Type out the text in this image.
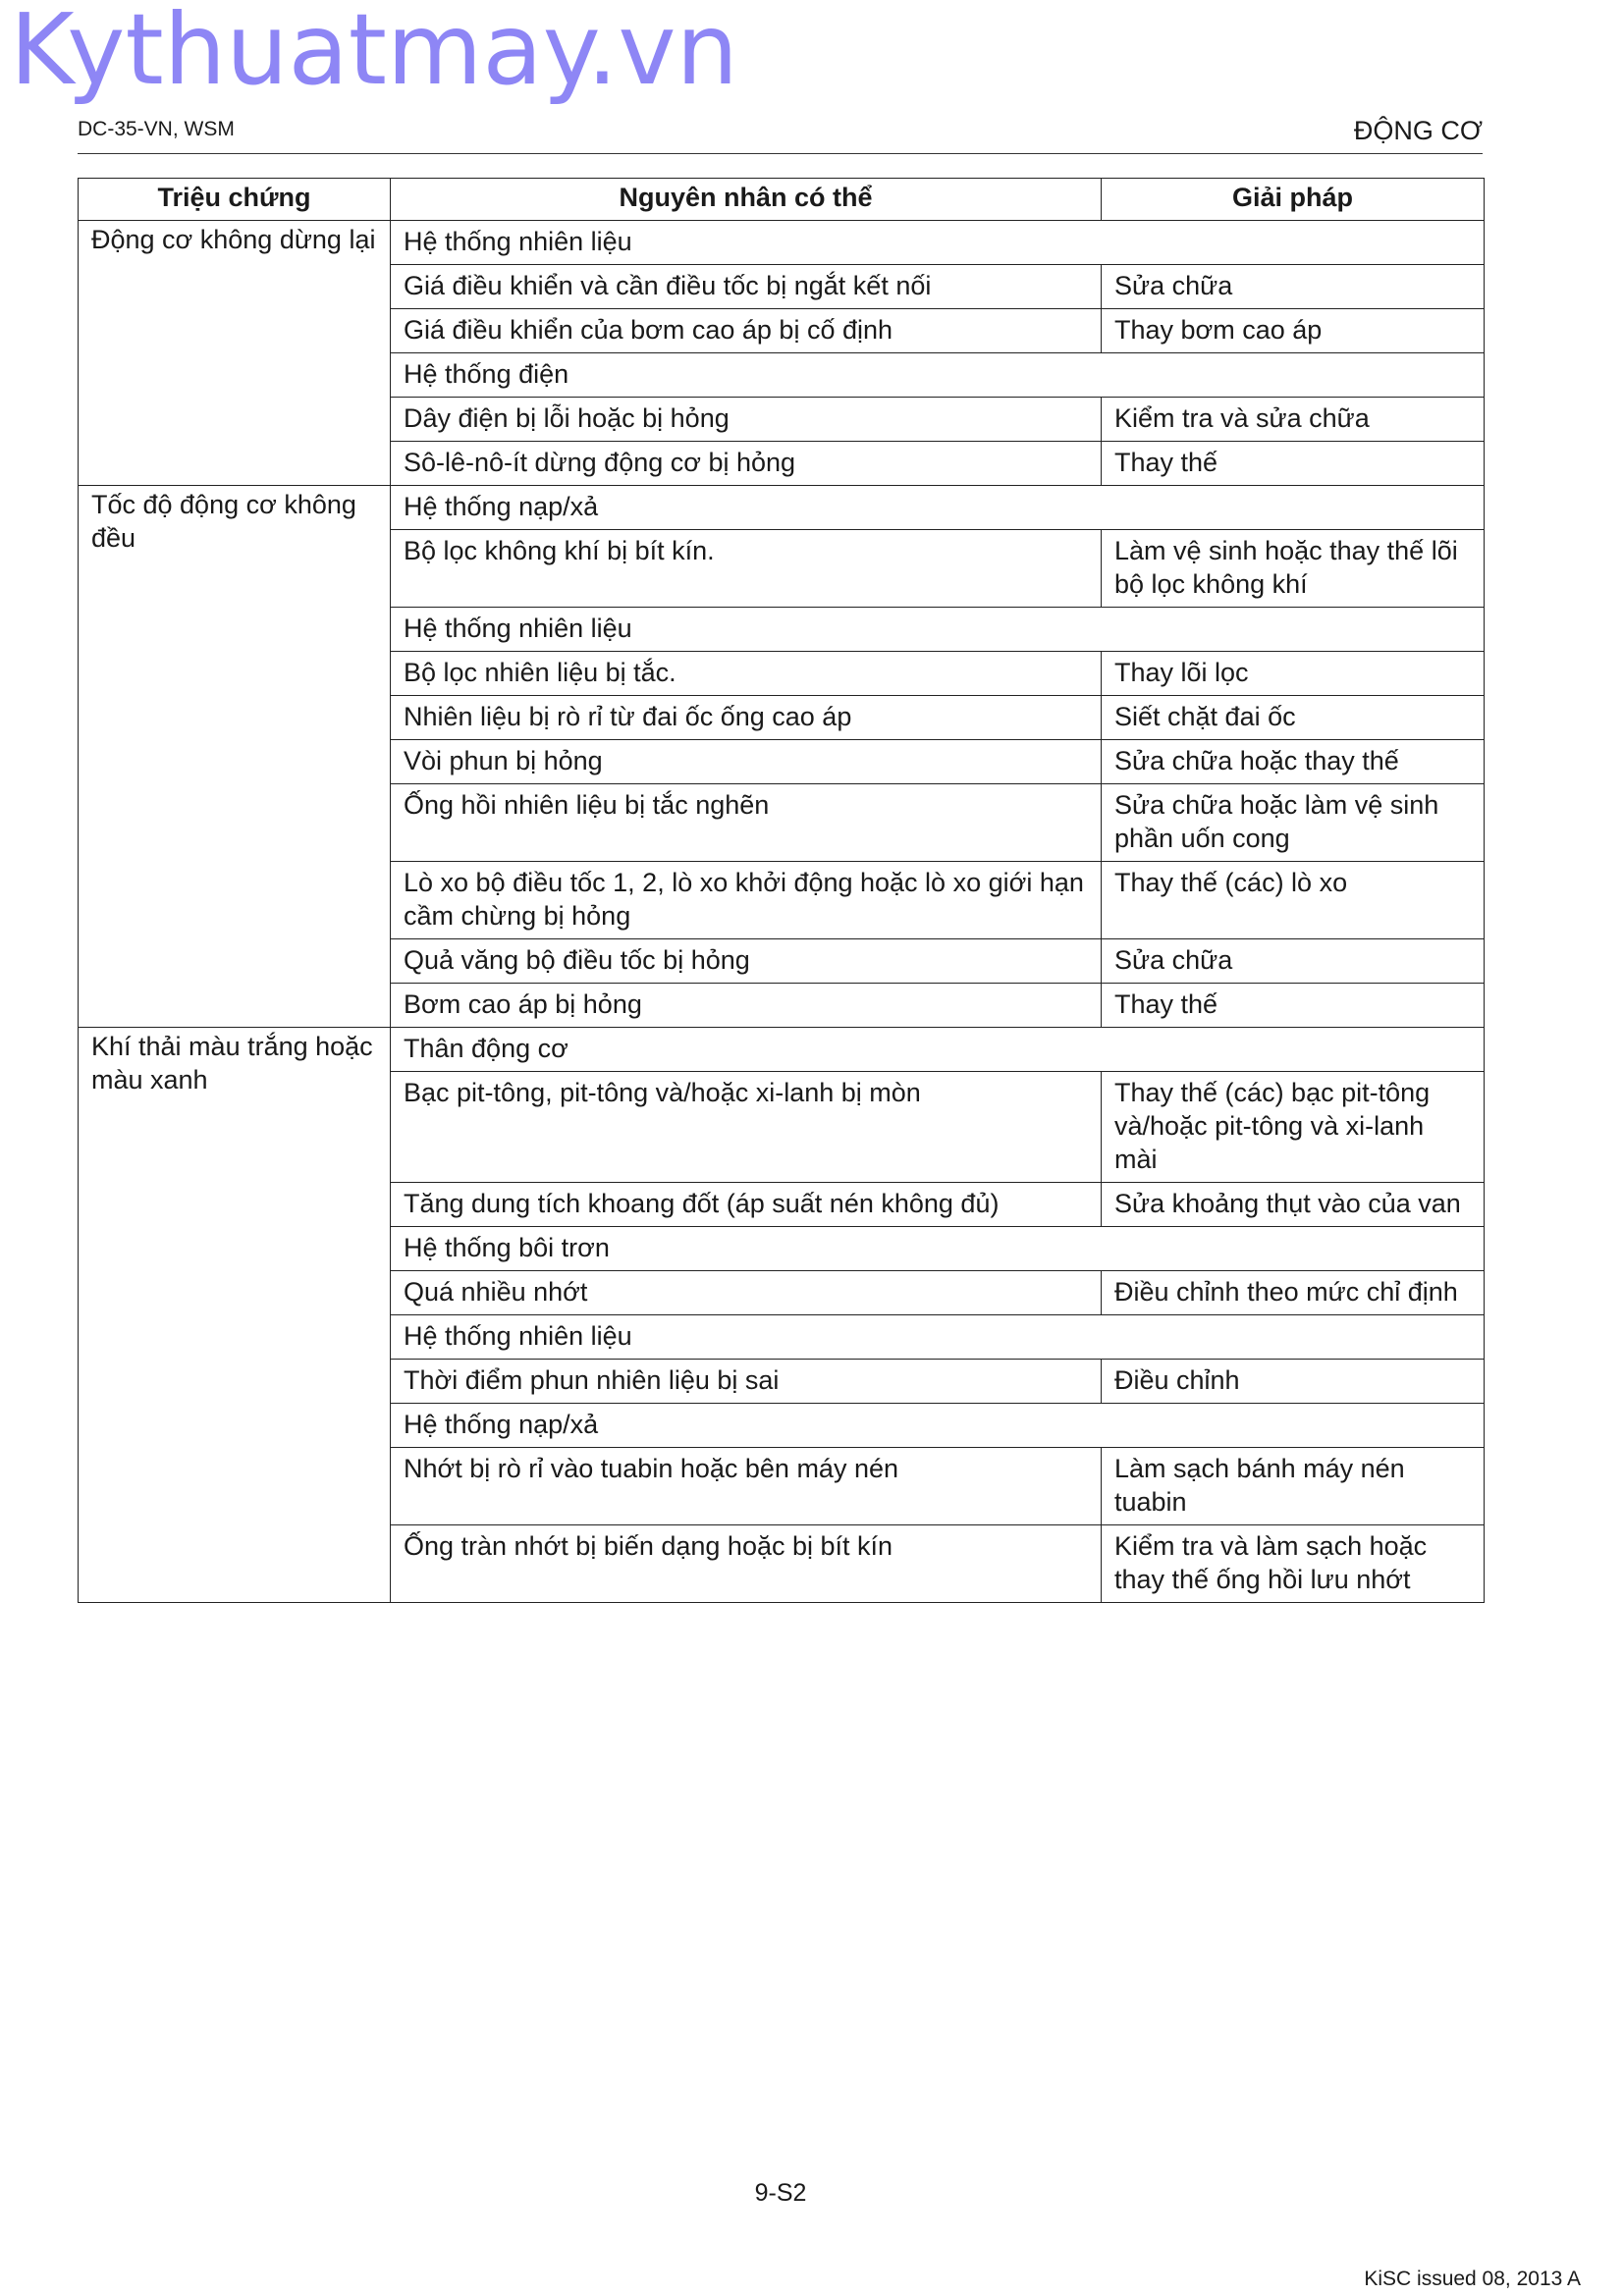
Kythuatmay.vn
DC-35-VN, WSM	ĐỘNG CƠ
Triệu chứng	Nguyên nhân có thể	Giải pháp
Động cơ không dừng lại	Hệ thống nhiên liệu	
	Giá điều khiển và cần điều tốc bị ngắt kết nối	Sửa chữa
	Giá điều khiển của bơm cao áp bị cố định	Thay bơm cao áp
	Hệ thống điện	
	Dây điện bị lỗi hoặc bị hỏng	Kiểm tra và sửa chữa
	Sô-lê-nô-ít dừng động cơ bị hỏng	Thay thế
Tốc độ động cơ không đều	Hệ thống nạp/xả	
	Bộ lọc không khí bị bít kín.	Làm vệ sinh hoặc thay thế lõi bộ lọc không khí
	Hệ thống nhiên liệu	
	Bộ lọc nhiên liệu bị tắc.	Thay lõi lọc
	Nhiên liệu bị rò rỉ từ đai ốc ống cao áp	Siết chặt đai ốc
	Vòi phun bị hỏng	Sửa chữa hoặc thay thế
	Ống hồi nhiên liệu bị tắc nghẽn	Sửa chữa hoặc làm vệ sinh phần uốn cong
	Lò xo bộ điều tốc 1, 2, lò xo khởi động hoặc lò xo giới hạn cầm chừng bị hỏng	Thay thế (các) lò xo
	Quả văng bộ điều tốc bị hỏng	Sửa chữa
	Bơm cao áp bị hỏng	Thay thế
Khí thải màu trắng hoặc màu xanh	Thân động cơ	
	Bạc pit-tông, pit-tông và/hoặc xi-lanh bị mòn	Thay thế (các) bạc pit-tông và/hoặc pit-tông và xi-lanh mài
	Tăng dung tích khoang đốt (áp suất nén không đủ)	Sửa khoảng thụt vào của van
	Hệ thống bôi trơn	
	Quá nhiều nhớt	Điều chỉnh theo mức chỉ định
	Hệ thống nhiên liệu	
	Thời điểm phun nhiên liệu bị sai	Điều chỉnh
	Hệ thống nạp/xả	
	Nhớt bị rò rỉ vào tuabin hoặc bên máy nén	Làm sạch bánh máy nén tuabin
	Ống tràn nhớt bị biến dạng hoặc bị bít kín	Kiểm tra và làm sạch hoặc thay thế ống hồi lưu nhớt
9-S2
KiSC issued 08, 2013 A
